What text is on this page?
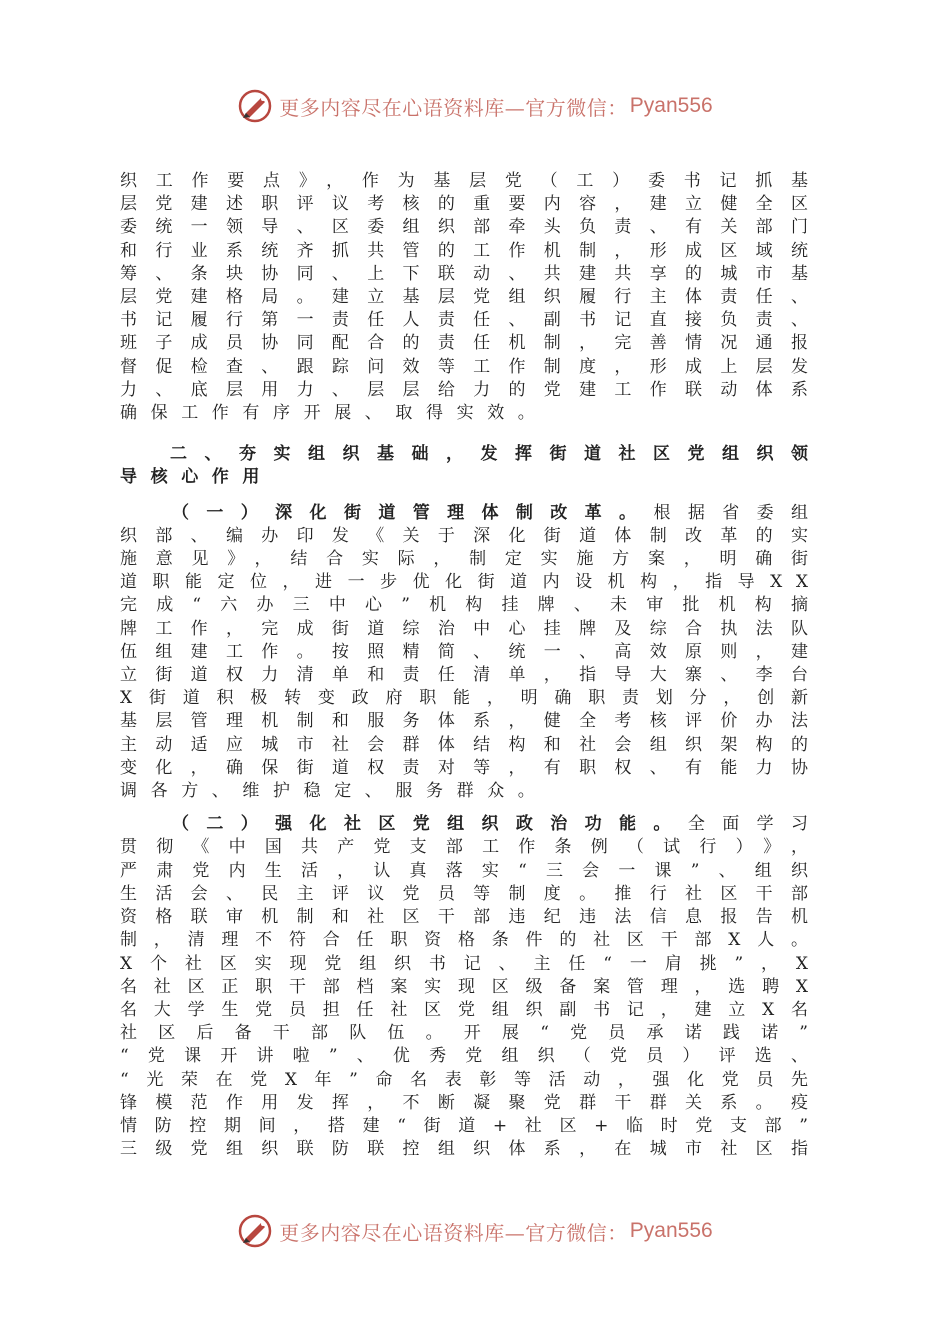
更多内容尽在心语资料库—官方微信： Pyan556
织工作要点》，作为基层党（工）委书记抓基
层党建述职评议考核的重要内容，建立健全区
委统一领导、区委组织部牵头负责、有关部门
和行业系统齐抓共管的工作机制，形成区域统
筹、条块协同、上下联动、共建共享的城市基
层党建格局。建立基层党组织履行主体责任、
书记履行第一责任人责任、副书记直接负责、
班子成员协同配合的责任机制，完善情况通报
督促检查、跟踪问效等工作制度，形成上层发
力、底层用力、层层给力的党建工作联动体系
确保工作有序开展、取得实效。
二、夯实组织基础，发挥街道社区党组织领
导核心作用
（一）深化街道管理体制改革。根据省委组
织部、编办印发《关于深化街道体制改革的实
施意见》，结合实际，制定实施方案，明确街
道职能定位，进一步优化街道内设机构，指导XX
完成“六办三中心”机构挂牌、未审批机构摘
牌工作，完成街道综治中心挂牌及综合执法队
伍组建工作。按照精简、统一、高效原则，建
立街道权力清单和责任清单，指导大寨、李台
X街道积极转变政府职能，明确职责划分，创新
基层管理机制和服务体系，健全考核评价办法
主动适应城市社会群体结构和社会组织架构的
变化，确保街道权责对等，有职权、有能力协
调各方、维护稳定、服务群众。
（二）强化社区党组织政治功能。全面学习
贯彻《中国共产党支部工作条例（试行）》，
严肃党内生活，认真落实“三会一课”、组织
生活会、民主评议党员等制度。推行社区干部
资格联审机制和社区干部违纪违法信息报告机
制，清理不符合任职资格条件的社区干部X人。
X个社区实现党组织书记、主任“一肩挑”，X
名社区正职干部档案实现区级备案管理，选聘X
名大学生党员担任社区党组织副书记，建立X名
社区后备干部队伍。开展“党员承诺践诺”
“党课开讲啦”、优秀党组织（党员）评选、
“光荣在党X年”命名表彰等活动，强化党员先
锋模范作用发挥，不断凝聚党群干群关系。疫
情防控期间，搭建“街道+社区+临时党支部”
三级党组织联防联控组织体系，在城市社区指
更多内容尽在心语资料库—官方微信： Pyan556
